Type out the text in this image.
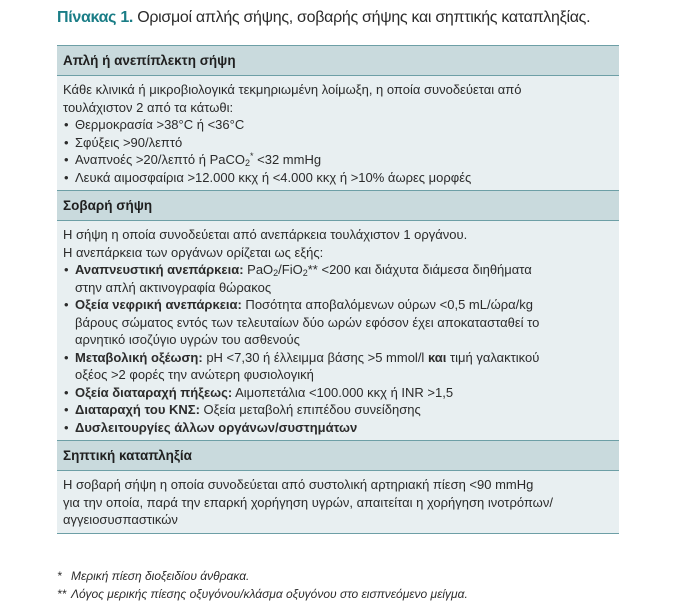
Πίνακας 1. Ορισμοί απλής σήψης, σοβαρής σήψης και σηπτικής καταπληξίας.
Απλή ή ανεπίπλεκτη σήψη
Κάθε κλινικά ή μικροβιολογικά τεκμηριωμένη λοίμωξη, η οποία συνοδεύεται από
τουλάχιστον 2 από τα κάτωθι:
• Θερμοκρασία >38°C ή <36°C
• Σφύξεις >90/λεπτό
• Αναπνοές >20/λεπτό ή PaCO$_2$* <32 mmHg
• Λευκά αιμοσφαίρια >12.000 κκχ ή <4.000 κκχ ή >10% άωρες μορφές
Σοβαρή σήψη
Η σήψη η οποία συνοδεύεται από ανεπάρκεια τουλάχιστον 1 οργάνου.
Η ανεπάρκεια των οργάνων ορίζεται ως εξής:
• Αναπνευστική ανεπάρκεια: PaO$_2$/FiO$_2$** <200 και διάχυτα διάμεσα διηθήματα
στην απλή ακτινογραφία θώρακος
• Οξεία νεφρική ανεπάρκεια: Ποσότητα αποβαλόμενων ούρων <0,5 mL/ώρα/kg
βάρους σώματος εντός των τελευταίων δύο ωρών εφόσον έχει αποκατασταθεί το
αρνητικό ισοζύγιο υγρών του ασθενούς
• Μεταβολική οξέωση: pH <7,30 ή έλλειμμα βάσης >5 mmol/l και τιμή γαλακτικού
οξέος >2 φορές την ανώτερη φυσιολογική
• Οξεία διαταραχή πήξεως: Αιμοπετάλια <100.000 κκχ ή INR >1,5
• Διαταραχή του ΚΝΣ: Οξεία μεταβολή επιπέδου συνείδησης
• Δυσλειτουργίες άλλων οργάνων/συστημάτων
Σηπτική καταπληξία
Η σοβαρή σήψη η οποία συνοδεύεται από συστολική αρτηριακή πίεση <90 mmHg
για την οποία, παρά την επαρκή χορήγηση υγρών, απαιτείται η χορήγηση ινοτρόπων/
αγγειοσυσπαστικών
* Μερική πίεση διοξειδίου άνθρακα.
** Λόγος μερικής πίεσης οξυγόνου/κλάσμα οξυγόνου στο εισπνεόμενο μείγμα.
